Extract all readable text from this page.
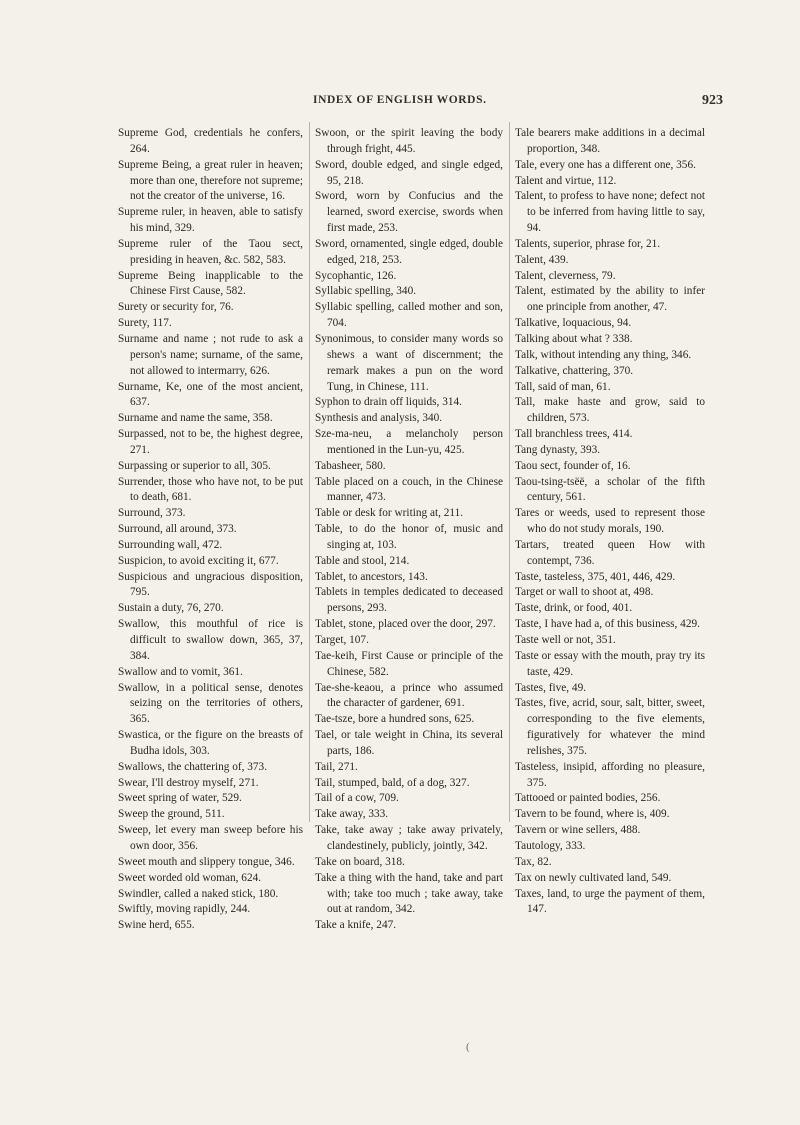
INDEX OF ENGLISH WORDS.	923

Supreme God, credentials he confers, 264.

Supreme Being, a great ruler in heaven; more than one, therefore not supreme; not the creator of the universe, 16.

Supreme ruler, in heaven, able to satisfy his mind, 329.

Supreme ruler of the Taou sect, presiding in heaven, &c. 582, 583.

Supreme Being inapplicable to the Chinese First Cause, 582.

Surety or security for, 76.

Surety, 117.

Surname and name ; not rude to ask a person's name; surname, of the same, not allowed to intermarry, 626.

Surname, Ke, one of the most ancient, 637.

Surname and name the same, 358.

Surpassed, not to be, the highest degree, 271.

Surpassing or superior to all, 305.

Surrender, those who have not, to be put to death, 681.

Surround, 373.

Surround, all around, 373.

Surrounding wall, 472.

Suspicion, to avoid exciting it, 677.

Suspicious and ungracious disposition, 795.

Sustain a duty, 76, 270.

Swallow, this mouthful of rice is difficult to swallow down, 365, 37, 384.

Swallow and to vomit, 361.

Swallow, in a political sense, denotes seizing on the territories of others, 365.

Swastica, or the figure on the breasts of Budha idols, 303.

Swallows, the chattering of, 373.

Swear, I'll destroy myself, 271.

Sweet spring of water, 529.

Sweep the ground, 511.

Sweep, let every man sweep before his own door, 356.

Sweet mouth and slippery tongue, 346.

Sweet worded old woman, 624.

Swindler, called a naked stick, 180.

Swiftly, moving rapidly, 244.

Swine herd, 655.

Swoon, or the spirit leaving the body through fright, 445.

Sword, double edged, and single edged, 95, 218.

Sword, worn by Confucius and the learned, sword exercise, swords when first made, 253.

Sword, ornamented, single edged, double edged, 218, 253.

Sycophantic, 126.

Syllabic spelling, 340.

Syllabic spelling, called mother and son, 704.

Synonimous, to consider many words so shews a want of discernment; the remark makes a pun on the word Tung, in Chinese, 111.

Syphon to drain off liquids, 314.

Synthesis and analysis, 340.

Sze-ma-neu, a melancholy person mentioned in the Lun-yu, 425.

Tabasheer, 580.

Table placed on a couch, in the Chinese manner, 473.

Table or desk for writing at, 211.

Table, to do the honor of, music and singing at, 103.

Table and stool, 214.

Tablet, to ancestors, 143.

Tablets in temples dedicated to deceased persons, 293.

Tablet, stone, placed over the door, 297.

Target, 107.

Tae-keih, First Cause or principle of the Chinese, 582.

Tae-she-keaou, a prince who assumed the character of gardener, 691.

Tae-tsze, bore a hundred sons, 625.

Tael, or tale weight in China, its several parts, 186.

Tail, 271.

Tail, stumped, bald, of a dog, 327.

Tail of a cow, 709.

Take away, 333.

Take, take away ; take away privately, clandestinely, publicly, jointly, 342.

Take on board, 318.

Take a thing with the hand, take and part with; take too much ; take away, take out at random, 342.

Take a knife, 247.

Tale bearers make additions in a decimal proportion, 348.

Tale, every one has a different one, 356.

Talent and virtue, 112.

Talent, to profess to have none; defect not to be inferred from having little to say, 94.

Talents, superior, phrase for, 21.

Talent, 439.

Talent, cleverness, 79.

Talent, estimated by the ability to infer one principle from another, 47.

Talkative, loquacious, 94.

Talking about what ? 338.

Talk, without intending any thing, 346.

Talkative, chattering, 370.

Tall, said of man, 61.

Tall, make haste and grow, said to children, 573.

Tall branchless trees, 414.

Tang dynasty, 393.

Taou sect, founder of, 16.

Taou-tsing-tsëë, a scholar of the fifth century, 561.

Tares or weeds, used to represent those who do not study morals, 190.

Tartars, treated queen How with contempt, 736.

Taste, tasteless, 375, 401, 446, 429.

Target or wall to shoot at, 498.

Taste, drink, or food, 401.

Taste, I have had a, of this business, 429.

Taste well or not, 351.

Taste or essay with the mouth, pray try its taste, 429.

Tastes, five, 49.

Tastes, five, acrid, sour, salt, bitter, sweet, corresponding to the five elements, figuratively for whatever the mind relishes, 375.

Tasteless, insipid, affording no pleasure, 375.

Tattooed or painted bodies, 256.

Tavern to be found, where is, 409.

Tavern or wine sellers, 488.

Tautology, 333.

Tax, 82.

Tax on newly cultivated land, 549.

Taxes, land, to urge the payment of them, 147.

(
